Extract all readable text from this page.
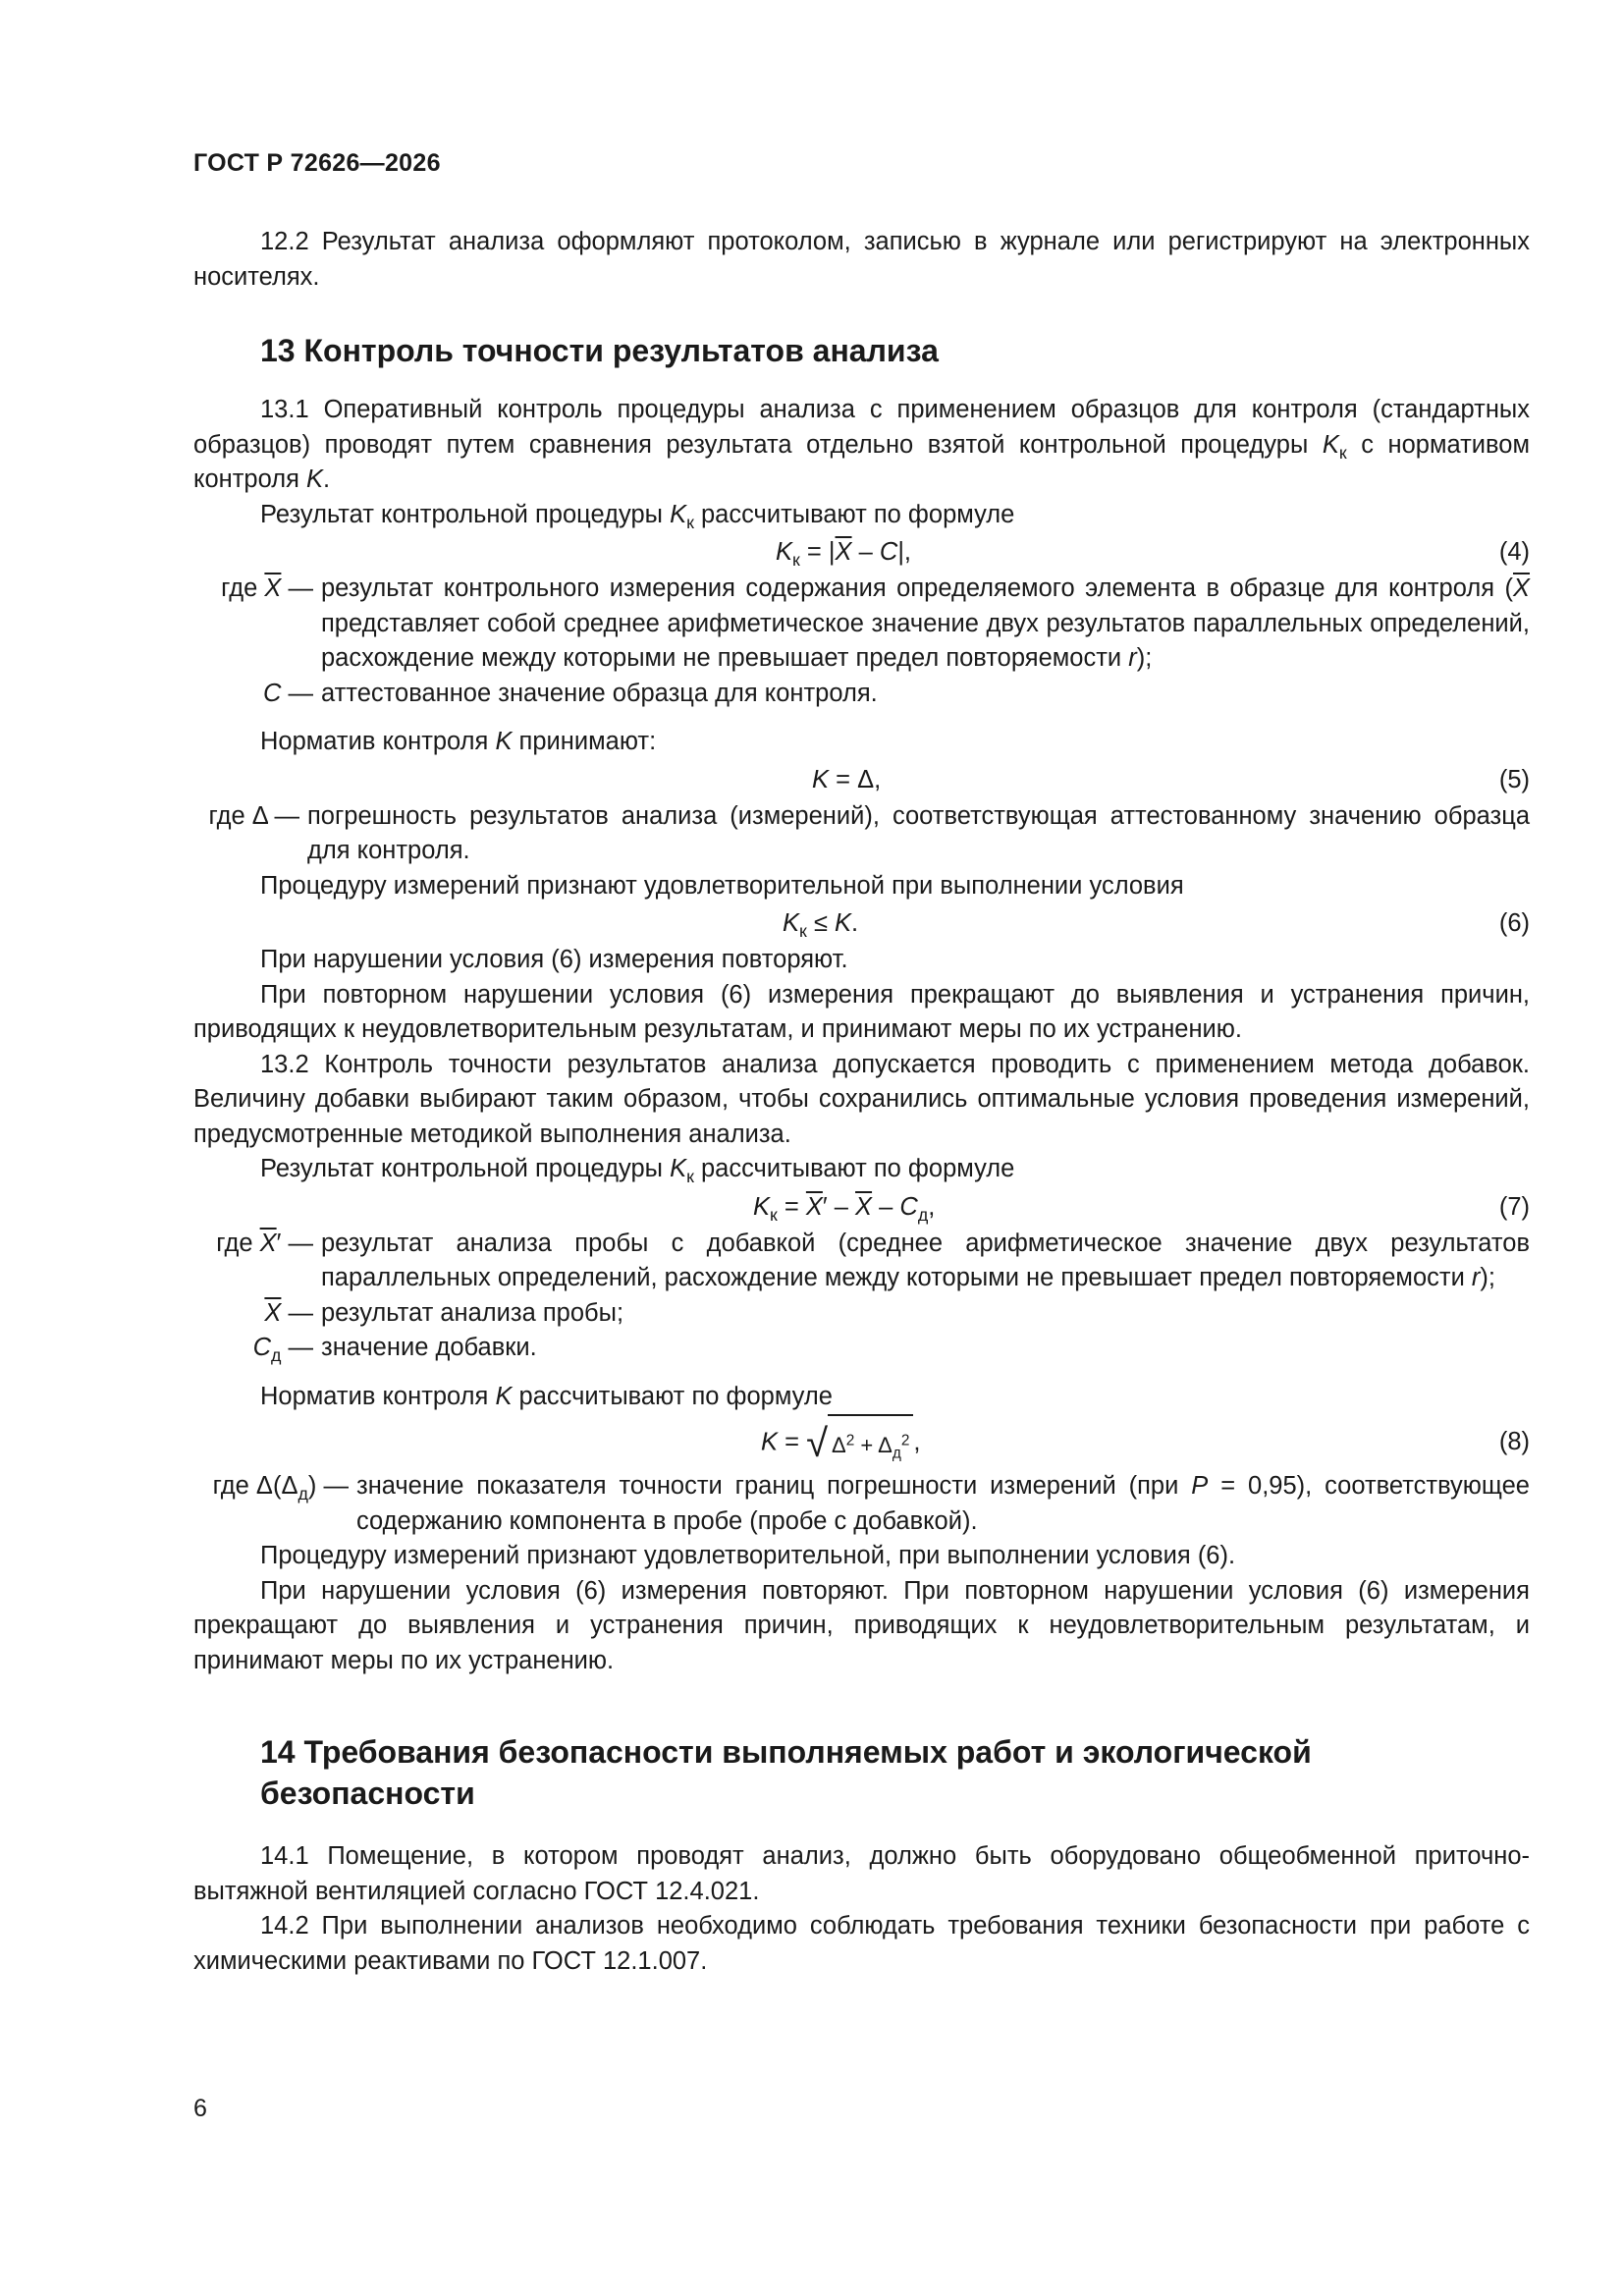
ГОСТ Р 72626—2026

12.2 Результат анализа оформляют протоколом, записью в журнале или регистрируют на электронных носителях.

13 Контроль точности результатов анализа

13.1 Оперативный контроль процедуры анализа с применением образцов для контроля (стандартных образцов) проводят путем сравнения результата отдельно взятой контрольной процедуры $K_к$ с нормативом контроля K.

Результат контрольной процедуры $K_к$ рассчитывают по формуле

$K_к = |\overline{X} - C|$,	(4)
где $\overline{X}$ — результат контрольного измерения содержания определяемого элемента в образце для контроля ($\overline{X}$ представляет собой среднее арифметическое значение двух результатов параллельных определений, расхождение между которыми не превышает предел повторяемости r);
C — аттестованное значение образца для контроля.

Норматив контроля K принимают:

K = Δ,	(5)
где Δ — погрешность результатов анализа (измерений), соответствующая аттестованному значению образца для контроля.

Процедуру измерений признают удовлетворительной при выполнении условия

$K_к \le K$.	(6)

При нарушении условия (6) измерения повторяют.

При повторном нарушении условия (6) измерения прекращают до выявления и устранения причин, приводящих к неудовлетворительным результатам, и принимают меры по их устранению.

13.2 Контроль точности результатов анализа допускается проводить с применением метода добавок. Величину добавки выбирают таким образом, чтобы сохранились оптимальные условия проведения измерений, предусмотренные методикой выполнения анализа.

Результат контрольной процедуры $K_к$ рассчитывают по формуле

$K_к = \overline{X}' - \overline{X} - C_д$,	(7)
где $\overline{X}'$ — результат анализа пробы с добавкой (среднее арифметическое значение двух результатов параллельных определений, расхождение между которыми не превышает предел повторяемости r);
$\overline{X}$ — результат анализа пробы;
$C_д$ — значение добавки.

Норматив контроля K рассчитывают по формуле

K = √ $\Delta^2 + \Delta_д^2$ ,	(8)
где $\Delta(\Delta_д)$ — значение показателя точности границ погрешности измерений (при P = 0,95), соответствующее содержанию компонента в пробе (пробе с добавкой).

Процедуру измерений признают удовлетворительной, при выполнении условия (6).

При нарушении условия (6) измерения повторяют. При повторном нарушении условия (6) измерения прекращают до выявления и устранения причин, приводящих к неудовлетворительным результатам, и принимают меры по их устранению.

14 Требования безопасности выполняемых работ и экологической безопасности

14.1 Помещение, в котором проводят анализ, должно быть оборудовано общеобменной приточно-вытяжной вентиляцией согласно ГОСТ 12.4.021.

14.2 При выполнении анализов необходимо соблюдать требования техники безопасности при работе с химическими реактивами по ГОСТ 12.1.007.

6
